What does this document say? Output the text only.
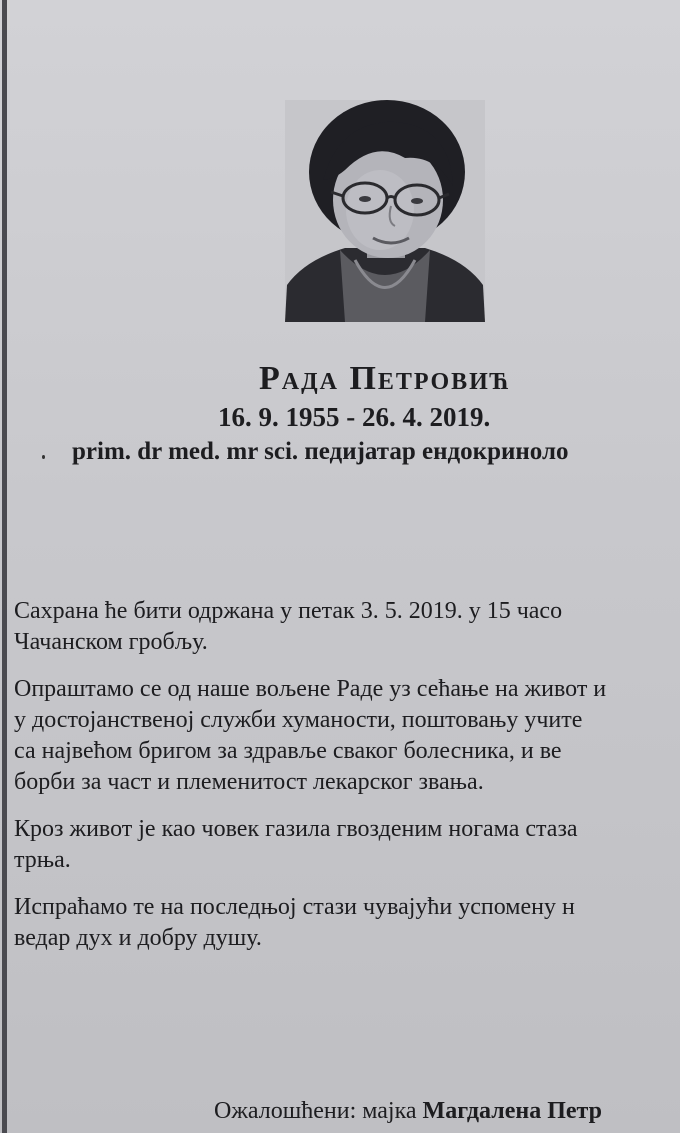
Рада Петровић
16. 9. 1955 - 26. 4. 2019.
prim. dr med. mr sci. педијатар ендокриноло

Сахрана ће бити одржана у петак 3. 5. 2019. у 15 часо
Чачанском гробљу.

Опраштамо се од наше вољене Раде уз сећање на живот и
у достојанственој служби хуманости, поштовању учите
са највећом бригом за здравље сваког болесника, и ве
борби за част и племенитост лекарског звања.

Кроз живот је као човек газила гвозденим ногама стаза
трња.

Испраћамо те на последњој стази чувајући успомену н
ведар дух и добру душу.

Ожалошћени: мајка Магдалена Петр
